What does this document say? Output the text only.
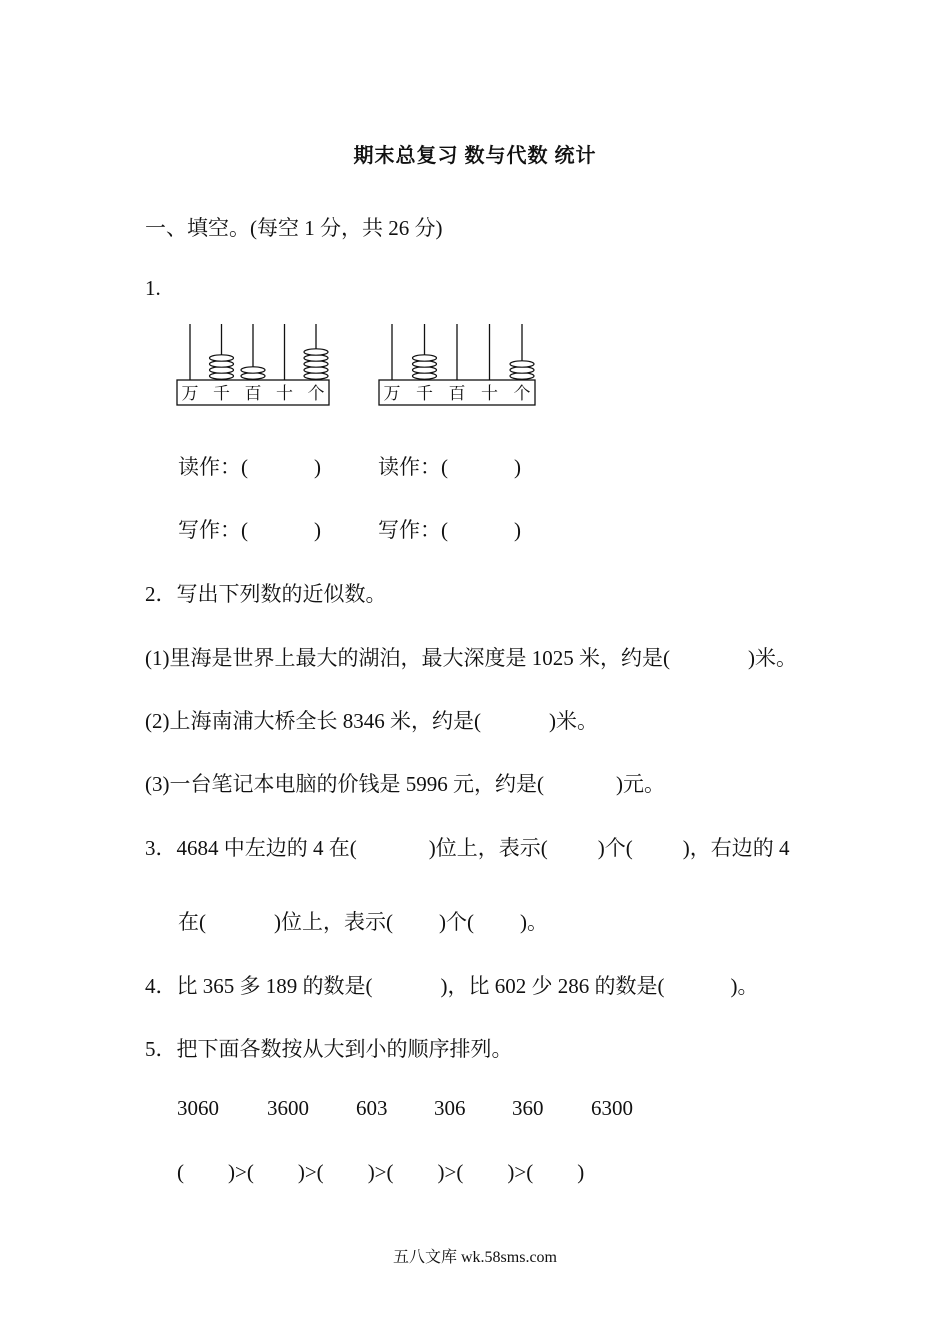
期末总复习 数与代数 统计
一、填空。(每空 1 分，共 26 分)
1.
万 千 百 十 个	万 千 百 十 个
读作：(	)	读作：(	)
写作：(	)	写作：(	)
2．写出下列数的近似数。
(1)里海是世界上最大的湖泊，最大深度是 1025 米，约是(	)米。
(2)上海南浦大桥全长 8346 米，约是(	)米。
(3)一台笔记本电脑的价钱是 5996 元，约是(	)元。
3．4684 中左边的 4 在(	)位上，表示( )个( )，右边的 4
在(	)位上，表示( )个( )。
4．比 365 多 189 的数是(	)，比 602 少 286 的数是(	)。
5．把下面各数按从大到小的顺序排列。
3060 3600 603 306 360 6300
( )>( )>( )>( )>( )>( )
五八文库 wk.58sms.com
